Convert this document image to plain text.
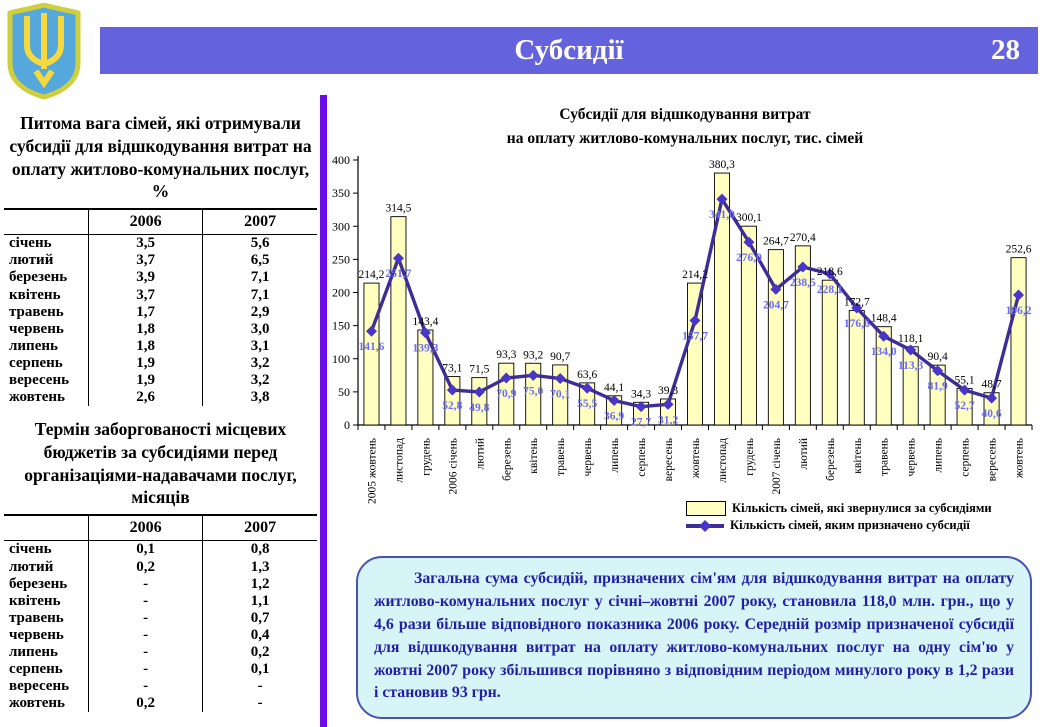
Субсидії	28
Питома вага сімей, які отримували субсидії для відшкодування витрат на оплату житлово-комунальних послуг, %
	2006	2007
січень	3,5	5,6
лютий	3,7	6,5
березень	3,9	7,1
квітень	3,7	7,1
травень	1,7	2,9
червень	1,8	3,0
липень	1,8	3,1
серпень	1,9	3,2
вересень	1,9	3,2
жовтень	2,6	3,8
Термін заборгованості місцевих бюджетів за субсидіями перед організаціями-надавачами послуг, місяців
	2006	2007
січень	0,1	0,8
лютий	0,2	1,3
березень	-	1,2
квітень	-	1,1
травень	-	0,7
червень	-	0,4
липень	-	0,2
серпень	-	0,1
вересень	-	-
жовтень	0,2	-
Субсидії для відшкодування витрат
на оплату житлово-комунальних послуг, тис. сімей
0
50
100
150
200
250
300
350
400
2005 жовтень листопад грудень 2006 січень лютий березень квітень травень червень липень серпень вересень жовтень листопад грудень 2007 січень лютий березень квітень травень червень липень серпень вересень жовтень
214,2
314,5
143,4
73,1 71,5
93,3 93,2 90,7
63,6
44,1
34,3 39,3
214,2
380,3
300,1
264,7 270,4
218,6
172,7
148,4
118,1
90,4
55,1 48,7
252,6
141,6
251,7
139,3
52,8 49,8
70,9 75,0 70,1
55,5
36,9
27,7 31,2
157,7
341,0
276,0
204,7
238,5
228,1
176,6
134,0
113,3
81,9
52,7
40,6
196,2
Кількість сімей, які звернулися за субсидіями
Кількість сімей, яким призначено субсидії

Загальна сума субсидій, призначених сім'ям для відшкодування витрат на оплату житлово-комунальних послуг у січні–жовтні 2007 року, становила 118,0 млн. грн., що у 4,6 рази більше відповідного показника 2006 року. Середній розмір призначеної субсидії для відшкодування витрат на оплату житлово-комунальних послуг на одну сім'ю у жовтні 2007 року збільшився порівняно з відповідним періодом минулого року в 1,2 рази і становив 93 грн.
